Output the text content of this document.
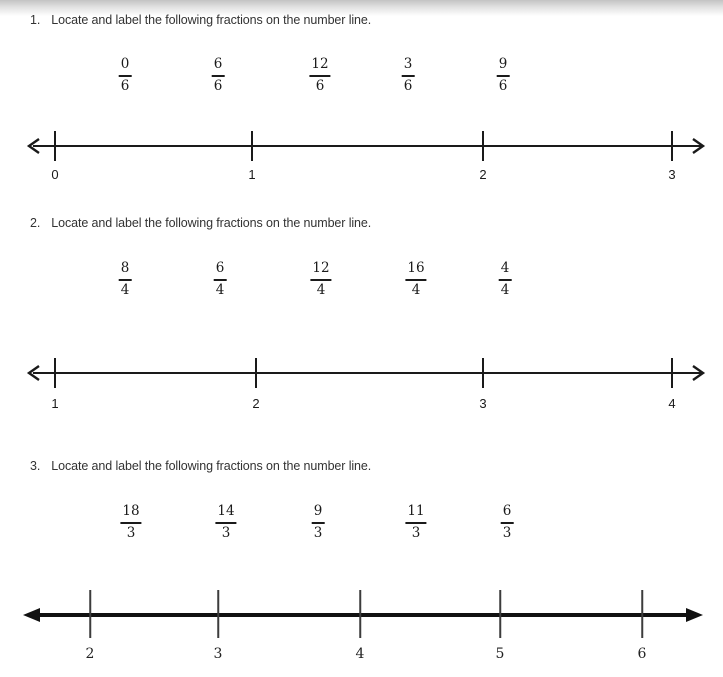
1. Locate and label the following fractions on the number line.
$\frac{0}{6}$	$\frac{6}{6}$	$\frac{12}{6}$	$\frac{3}{6}$	$\frac{9}{6}$
0	1	2	3
2. Locate and label the following fractions on the number line.
$\frac{8}{4}$	$\frac{6}{4}$	$\frac{12}{4}$	$\frac{16}{4}$	$\frac{4}{4}$
1	2	3	4
3. Locate and label the following fractions on the number line.
$\frac{18}{3}$	$\frac{14}{3}$	$\frac{9}{3}$	$\frac{11}{3}$	$\frac{6}{3}$
2	3	4	5	6
